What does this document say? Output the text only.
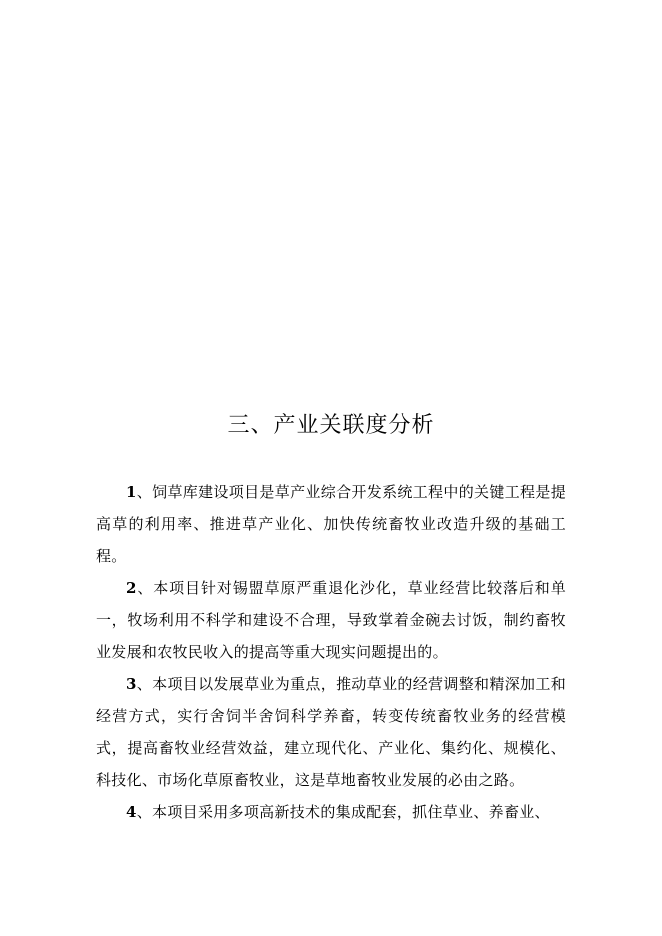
三、产业关联度分析

1、饲草库建设项目是草产业综合开发系统工程中的关键工程是提高草的利用率、推进草产业化、加快传统畜牧业改造升级的基础工程。

2、本项目针对锡盟草原严重退化沙化，草业经营比较落后和单一，牧场利用不科学和建设不合理，导致掌着金碗去讨饭，制约畜牧业发展和农牧民收入的提高等重大现实问题提出的。

3、本项目以发展草业为重点，推动草业的经营调整和精深加工和经营方式，实行舍饲半舍饲科学养畜，转变传统畜牧业务的经营模式，提高畜牧业经营效益，建立现代化、产业化、集约化、规模化、科技化、市场化草原畜牧业，这是草地畜牧业发展的必由之路。

4、本项目采用多项高新技术的集成配套，抓住草业、养畜业、
